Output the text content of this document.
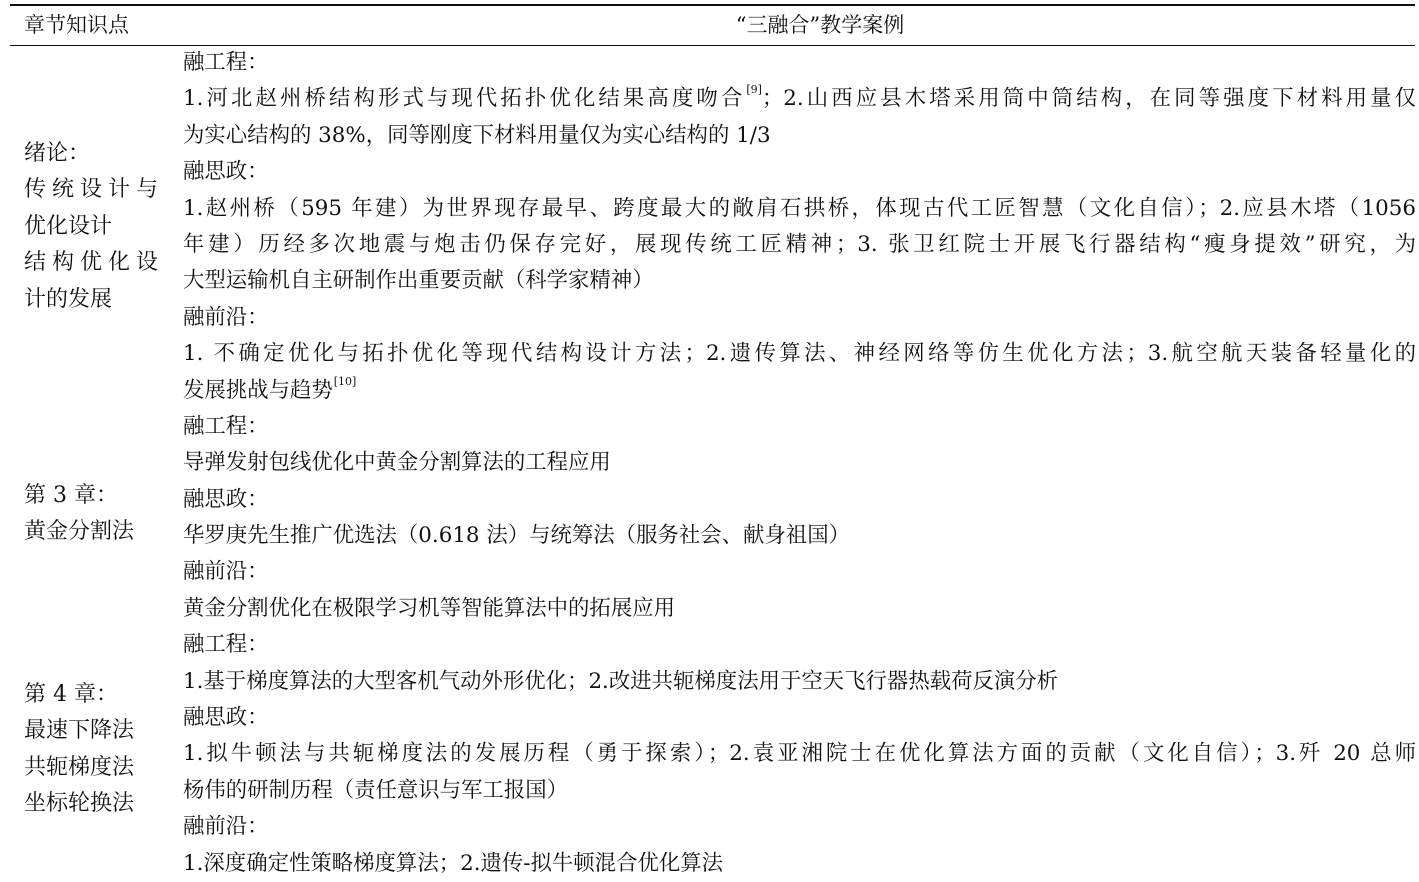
章节知识点	“三融合”教学案例
绪论：
传统设计与
优化设计
结构优化设
计的发展
第 3 章：
黄金分割法
第 4 章：
最速下降法
共轭梯度法
坐标轮换法
融工程：
1.河北赵州桥结构形式与现代拓扑优化结果高度吻合[9]；2.山西应县木塔采用筒中筒结构，在同等强度下材料用量仅
为实心结构的 38%，同等刚度下材料用量仅为实心结构的 1/3
融思政：
1.赵州桥（595 年建）为世界现存最早、跨度最大的敞肩石拱桥，体现古代工匠智慧（文化自信）；2.应县木塔（1056
年建）历经多次地震与炮击仍保存完好，展现传统工匠精神；3. 张卫红院士开展飞行器结构“瘦身提效”研究，为
大型运输机自主研制作出重要贡献（科学家精神）
融前沿：
1. 不确定优化与拓扑优化等现代结构设计方法；2.遗传算法、神经网络等仿生优化方法；3.航空航天装备轻量化的
发展挑战与趋势[10]
融工程：
导弹发射包线优化中黄金分割算法的工程应用
融思政：
华罗庚先生推广优选法（0.618 法）与统筹法（服务社会、献身祖国）
融前沿：
黄金分割优化在极限学习机等智能算法中的拓展应用
融工程：
1.基于梯度算法的大型客机气动外形优化；2.改进共轭梯度法用于空天飞行器热载荷反演分析
融思政：
1.拟牛顿法与共轭梯度法的发展历程（勇于探索）；2.袁亚湘院士在优化算法方面的贡献（文化自信）；3.歼 20 总师
杨伟的研制历程（责任意识与军工报国）
融前沿：
1.深度确定性策略梯度算法；2.遗传-拟牛顿混合优化算法
